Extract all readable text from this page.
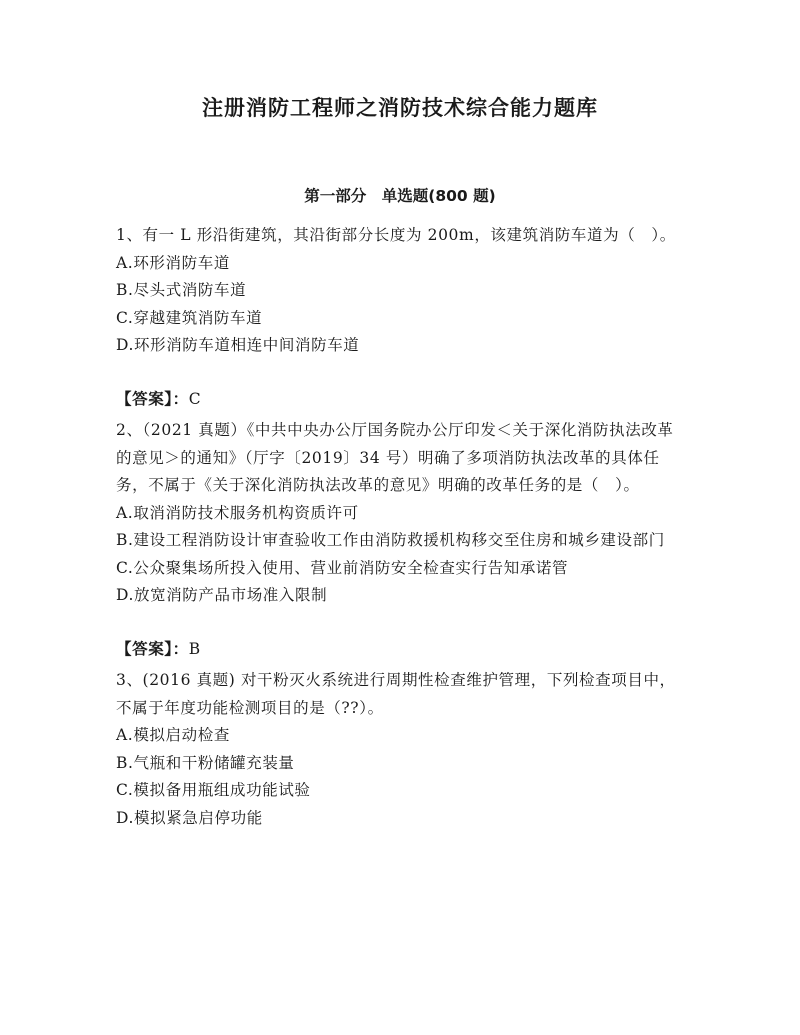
注册消防工程师之消防技术综合能力题库
第一部分　单选题(800 题)

1、有一 L 形沿街建筑，其沿街部分长度为 200m，该建筑消防车道为（　）。

A.环形消防车道
B.尽头式消防车道
C.穿越建筑消防车道
D.环形消防车道相连中间消防车道

【答案】：C

2、（2021 真题）《中共中央办公厅国务院办公厅印发＜关于深化消防执法改革的意见＞的通知》（厅字〔2019〕34 号）明确了多项消防执法改革的具体任务，不属于《关于深化消防执法改革的意见》明确的改革任务的是（　）。

A.取消消防技术服务机构资质许可
B.建设工程消防设计审查验收工作由消防救援机构移交至住房和城乡建设部门
C.公众聚集场所投入使用、营业前消防安全检查实行告知承诺管
D.放宽消防产品市场准入限制

【答案】：B

3、(2016 真题) 对干粉灭火系统进行周期性检查维护管理，下列检查项目中，不属于年度功能检测项目的是（??）。

A.模拟启动检查
B.气瓶和干粉储罐充装量
C.模拟备用瓶组成功能试验
D.模拟紧急启停功能
